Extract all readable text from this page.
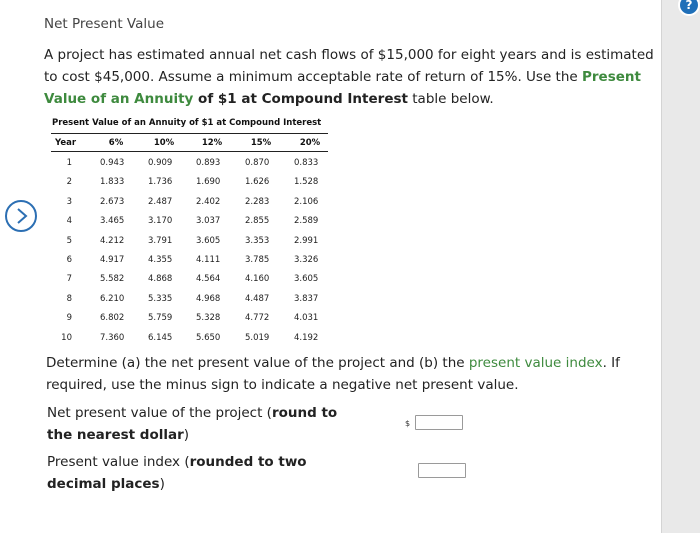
Net Present Value
A project has estimated annual net cash flows of $15,000 for eight years and is estimated to cost $45,000. Assume a minimum acceptable rate of return of 15%. Use the Present Value of an Annuity of $1 at Compound Interest table below.
Present Value of an Annuity of $1 at Compound Interest
Year	6%	10%	12%	15%	20%
1	0.943	0.909	0.893	0.870	0.833
2	1.833	1.736	1.690	1.626	1.528
3	2.673	2.487	2.402	2.283	2.106
4	3.465	3.170	3.037	2.855	2.589
5	4.212	3.791	3.605	3.353	2.991
6	4.917	4.355	4.111	3.785	3.326
7	5.582	4.868	4.564	4.160	3.605
8	6.210	5.335	4.968	4.487	3.837
9	6.802	5.759	5.328	4.772	4.031
10	7.360	6.145	5.650	5.019	4.192
Determine (a) the net present value of the project and (b) the present value index. If required, use the minus sign to indicate a negative net present value.
Net present value of the project (round to the nearest dollar)
$
Present value index (rounded to two decimal places)
?
